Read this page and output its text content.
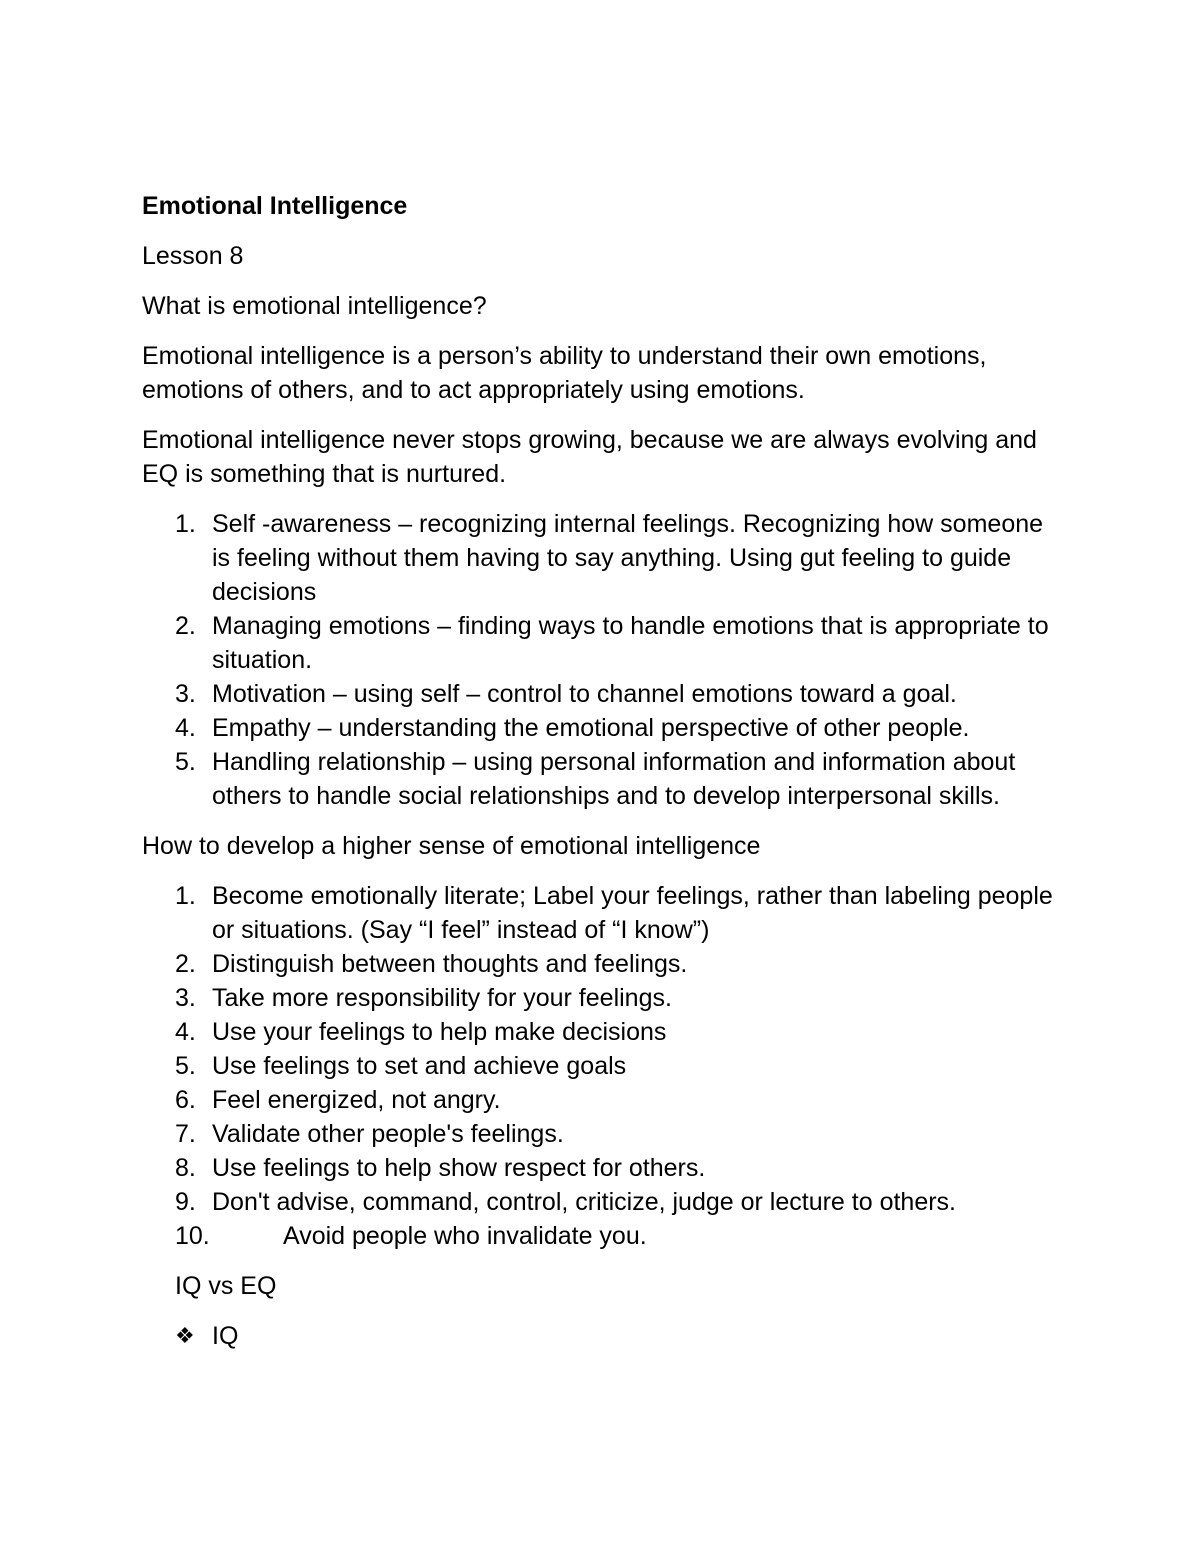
Emotional Intelligence

Lesson 8

What is emotional intelligence?

Emotional intelligence is a person’s ability to understand their own emotions, emotions of others, and to act appropriately using emotions.

Emotional intelligence never stops growing, because we are always evolving and EQ is something that is nurtured.

1. Self -awareness – recognizing internal feelings. Recognizing how someone is feeling without them having to say anything. Using gut feeling to guide decisions
2. Managing emotions – finding ways to handle emotions that is appropriate to situation.
3. Motivation – using self – control to channel emotions toward a goal.
4. Empathy – understanding the emotional perspective of other people.
5. Handling relationship – using personal information and information about others to handle social relationships and to develop interpersonal skills.

How to develop a higher sense of emotional intelligence

1. Become emotionally literate; Label your feelings, rather than labeling people or situations. (Say “I feel” instead of “I know”)
2. Distinguish between thoughts and feelings.
3. Take more responsibility for your feelings.
4. Use your feelings to help make decisions
5. Use feelings to set and achieve goals
6. Feel energized, not angry.
7. Validate other people's feelings.
8. Use feelings to help show respect for others.
9. Don't advise, command, control, criticize, judge or lecture to others.
10.	Avoid people who invalidate you.

IQ vs EQ

❖ IQ
